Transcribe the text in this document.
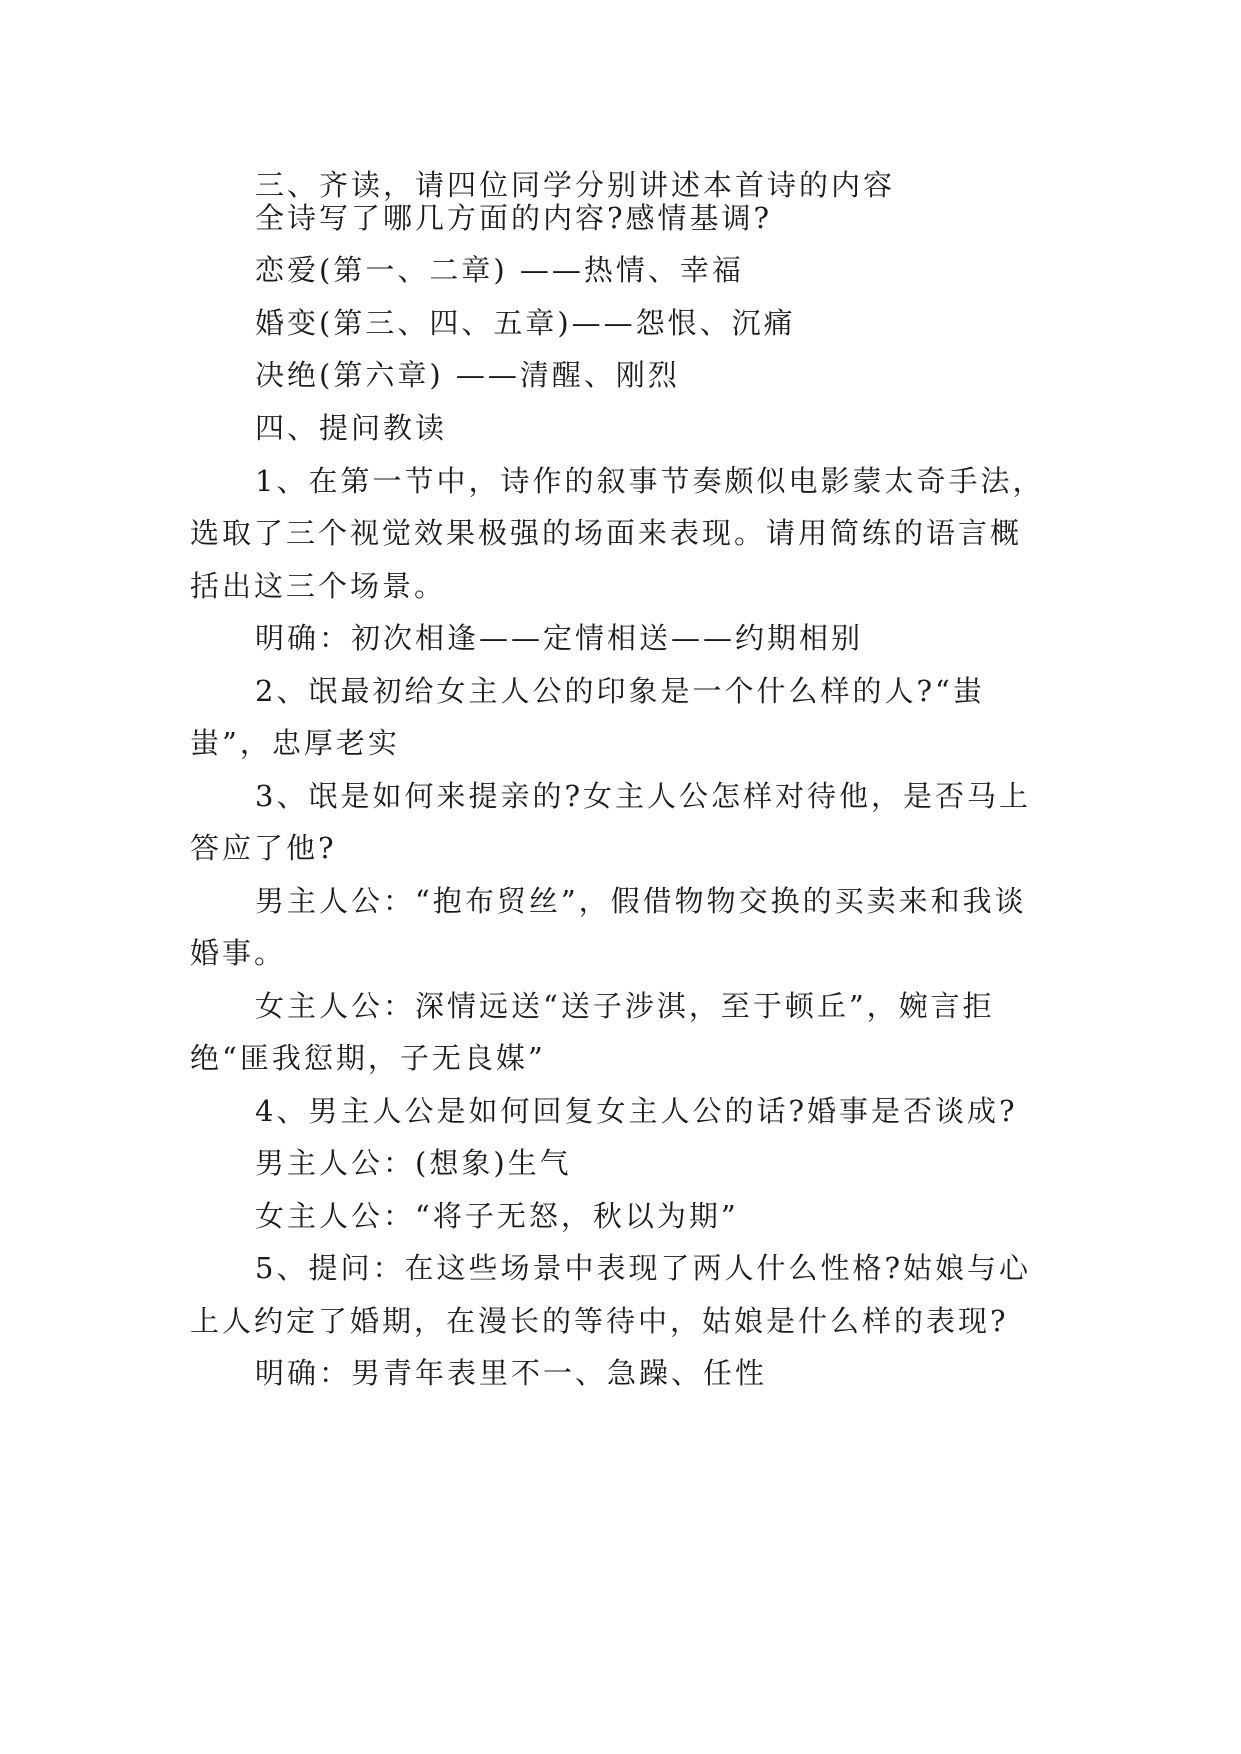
三、齐读，请四位同学分别讲述本首诗的内容
全诗写了哪几方面的内容?感情基调?
恋爱(第一、二章) ——热情、幸福
婚变(第三、四、五章)——怨恨、沉痛
决绝(第六章) ——清醒、刚烈
四、提问教读
1、在第一节中，诗作的叙事节奏颇似电影蒙太奇手法，
选取了三个视觉效果极强的场面来表现。请用简练的语言概
括出这三个场景。
明确：初次相逢——定情相送——约期相别
2、氓最初给女主人公的印象是一个什么样的人?“蚩
蚩”，忠厚老实
3、氓是如何来提亲的?女主人公怎样对待他，是否马上
答应了他?
男主人公：“抱布贸丝”，假借物物交换的买卖来和我谈
婚事。
女主人公：深情远送“送子涉淇，至于顿丘”，婉言拒
绝“匪我愆期，子无良媒”
4、男主人公是如何回复女主人公的话?婚事是否谈成?
男主人公：(想象)生气
女主人公：“将子无怒，秋以为期”
5、提问：在这些场景中表现了两人什么性格?姑娘与心
上人约定了婚期，在漫长的等待中，姑娘是什么样的表现?
明确：男青年表里不一、急躁、任性
